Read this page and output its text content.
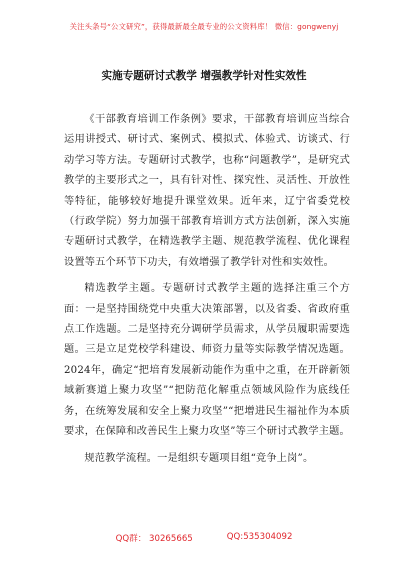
关注头条号“公文研究”，获得最新最全最专业的公文资料库！ 微信：gongwenyj
实施专题研讨式教学 增强教学针对性实效性

《干部教育培训工作条例》要求，干部教育培训应当综合运用讲授式、研讨式、案例式、模拟式、体验式、访谈式、行动学习等方法。专题研讨式教学，也称“问题教学”，是研究式教学的主要形式之一，具有针对性、探究性、灵活性、开放性等特征，能够较好地提升课堂效果。近年来，辽宁省委党校（行政学院）努力加强干部教育培训方式方法创新，深入实施专题研讨式教学，在精选教学主题、规范教学流程、优化课程设置等五个环节下功夫，有效增强了教学针对性和实效性。

精选教学主题。专题研讨式教学主题的选择注重三个方面：一是坚持围绕党中央重大决策部署，以及省委、省政府重点工作选题。二是坚持充分调研学员需求，从学员履职需要选题。三是立足党校学科建设、师资力量等实际教学情况选题。2024年，确定“把培育发展新动能作为重中之重，在开辟新领域新赛道上聚力攻坚”“把防范化解重点领域风险作为底线任务，在统筹发展和安全上聚力攻坚”“把增进民生福祉作为本质要求，在保障和改善民生上聚力攻坚”等三个研讨式教学主题。

规范教学流程。一是组织专题项目组“竞争上岗”。

QQ群： 30265665	QQ:535304092
